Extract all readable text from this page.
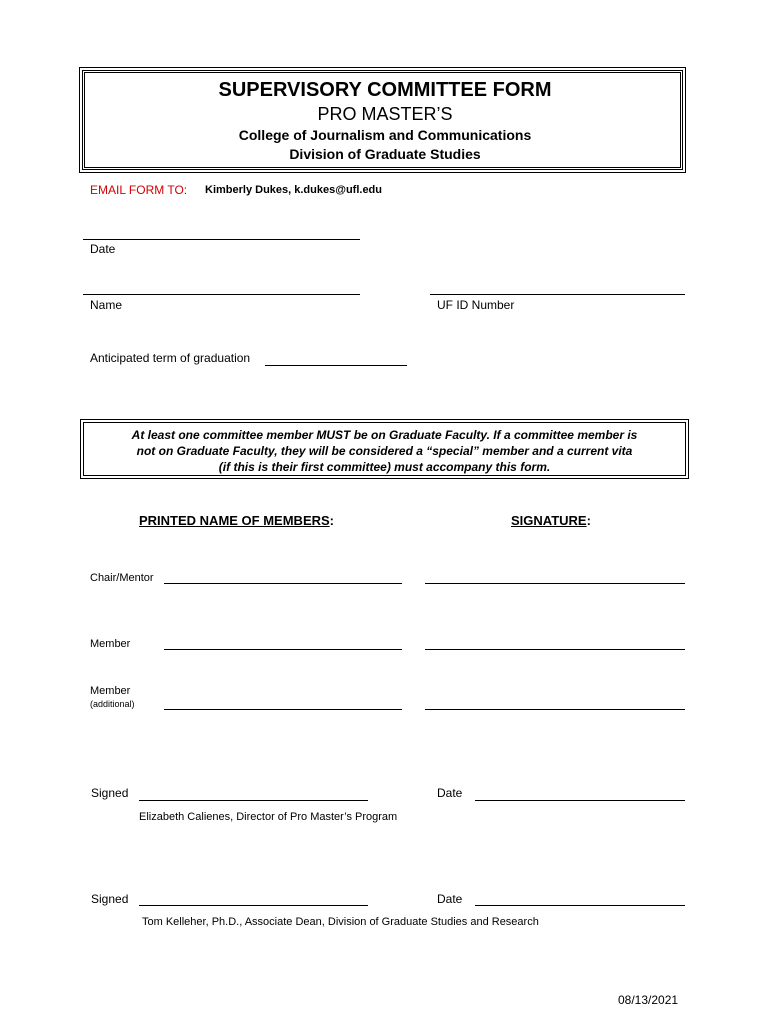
SUPERVISORY COMMITTEE FORM
PRO MASTER’S
College of Journalism and Communications
Division of Graduate Studies
EMAIL FORM TO: Kimberly Dukes, k.dukes@ufl.edu
Date
Name	UF ID Number
Anticipated term of graduation
At least one committee member MUST be on Graduate Faculty. If a committee member is
not on Graduate Faculty, they will be considered a “special” member and a current vita
(if this is their first committee) must accompany this form.
PRINTED NAME OF MEMBERS:	SIGNATURE:
Chair/Mentor
Member
Member
(additional)
Signed	Date
Elizabeth Calienes, Director of Pro Master’s Program
Signed	Date
Tom Kelleher, Ph.D., Associate Dean, Division of Graduate Studies and Research
08/13/2021
